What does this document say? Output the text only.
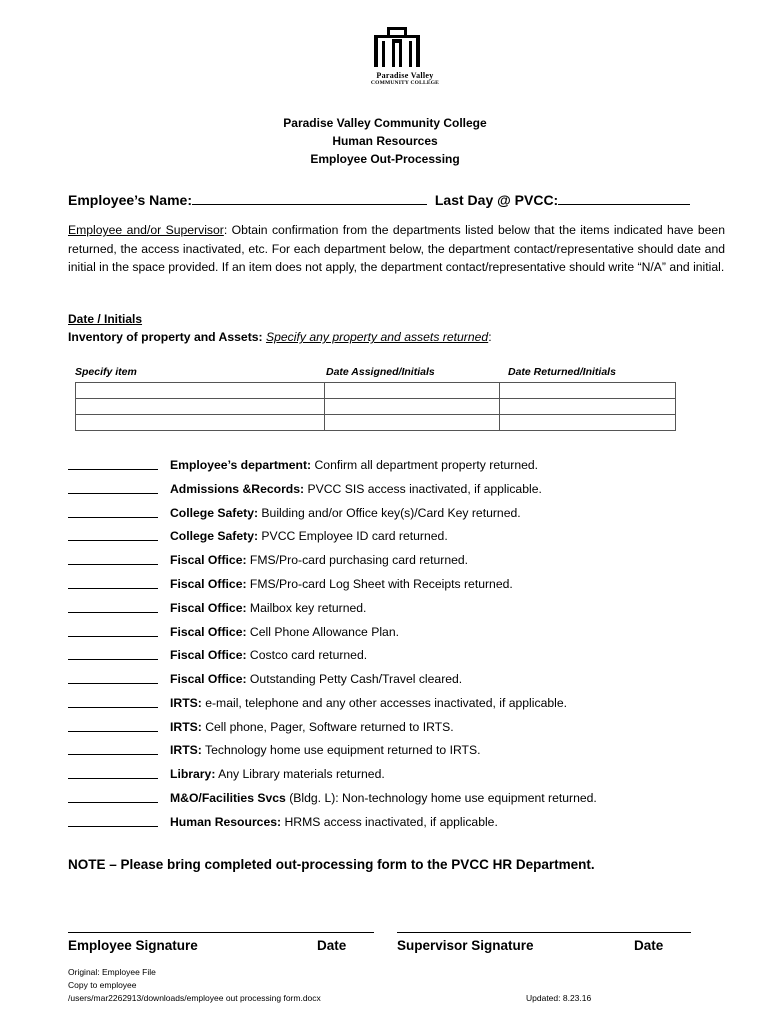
Paradise Valley
COMMUNITY COLLEGE
Paradise Valley Community College
Human Resources
Employee Out-Processing
Employee’s Name:	Last Day @ PVCC:
Employee and/or Supervisor: Obtain confirmation from the departments listed below that the items indicated have been returned, the access inactivated, etc. For each department below, the department contact/representative should date and initial in the space provided. If an item does not apply, the department contact/representative should write “N/A” and initial.
Date / Initials
Inventory of property and Assets: Specify any property and assets returned:
Specify item	Date Assigned/Initials	Date Returned/Initials

Employee’s department: Confirm all department property returned.
Admissions &Records: PVCC SIS access inactivated, if applicable.
College Safety: Building and/or Office key(s)/Card Key returned.
College Safety: PVCC Employee ID card returned.
Fiscal Office: FMS/Pro-card purchasing card returned.
Fiscal Office: FMS/Pro-card Log Sheet with Receipts returned.
Fiscal Office: Mailbox key returned.
Fiscal Office: Cell Phone Allowance Plan.
Fiscal Office: Costco card returned.
Fiscal Office: Outstanding Petty Cash/Travel cleared.
IRTS: e-mail, telephone and any other accesses inactivated, if applicable.
IRTS: Cell phone, Pager, Software returned to IRTS.
IRTS: Technology home use equipment returned to IRTS.
Library: Any Library materials returned.
M&O/Facilities Svcs (Bldg. L): Non-technology home use equipment returned.
Human Resources: HRMS access inactivated, if applicable.
NOTE – Please bring completed out-processing form to the PVCC HR Department.
Employee Signature	Date	Supervisor Signature	Date
Original: Employee File
Copy to employee
/users/mar2262913/downloads/employee out processing form.docx	Updated: 8.23.16
